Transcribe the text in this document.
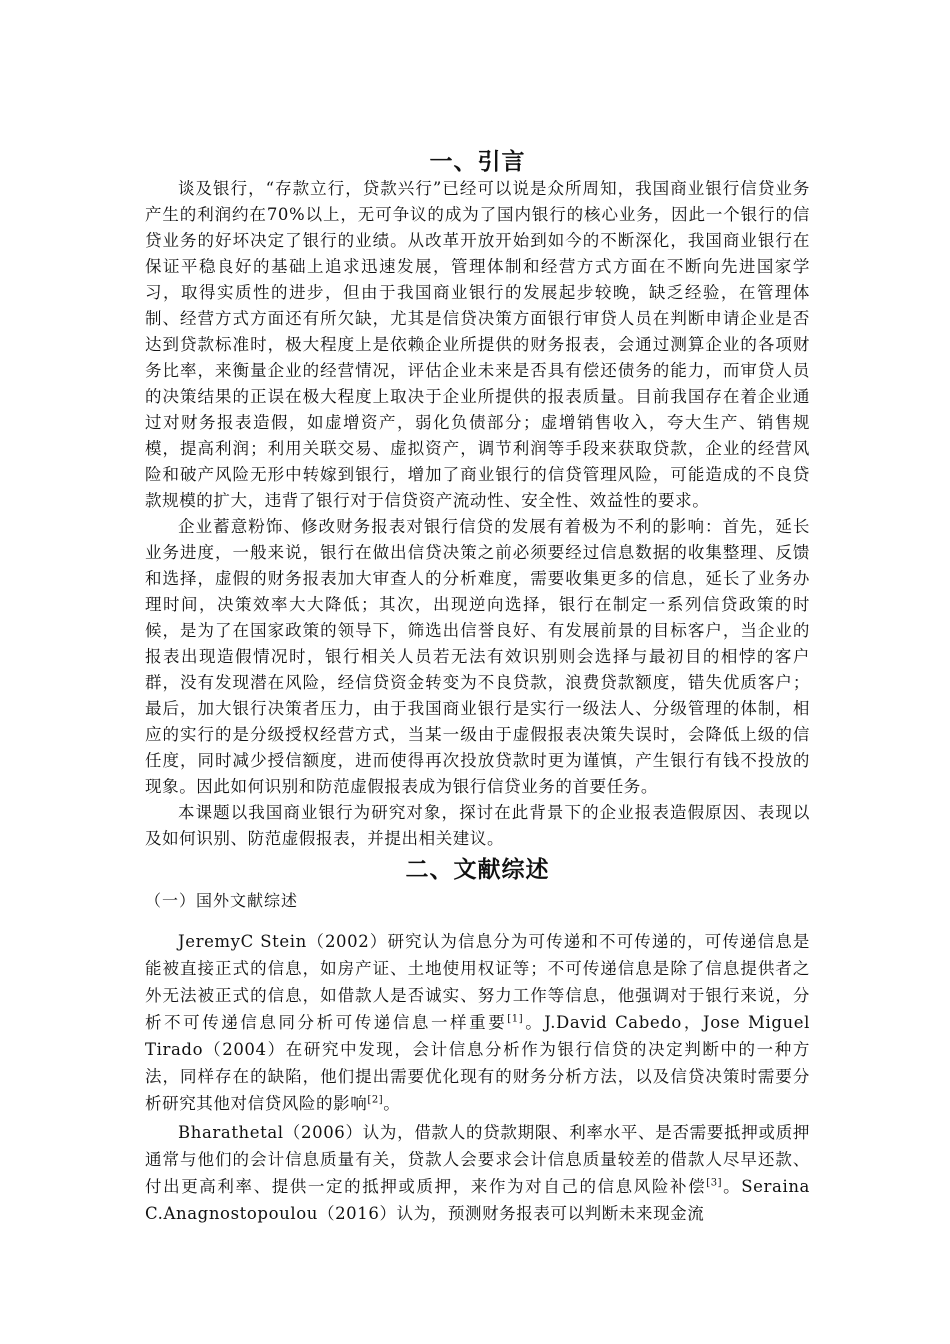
一、引言

谈及银行，“存款立行，贷款兴行”已经可以说是众所周知，我国商业银行信贷业务产生的利润约在70%以上，无可争议的成为了国内银行的核心业务，因此一个银行的信贷业务的好坏决定了银行的业绩。从改革开放开始到如今的不断深化，我国商业银行在保证平稳良好的基础上追求迅速发展，管理体制和经营方式方面在不断向先进国家学习，取得实质性的进步，但由于我国商业银行的发展起步较晚，缺乏经验，在管理体制、经营方式方面还有所欠缺，尤其是信贷决策方面银行审贷人员在判断申请企业是否达到贷款标准时，极大程度上是依赖企业所提供的财务报表，会通过测算企业的各项财务比率，来衡量企业的经营情况，评估企业未来是否具有偿还债务的能力，而审贷人员的决策结果的正误在极大程度上取决于企业所提供的报表质量。目前我国存在着企业通过对财务报表造假，如虚增资产，弱化负债部分；虚增销售收入，夸大生产、销售规模，提高利润；利用关联交易、虚拟资产，调节利润等手段来获取贷款，企业的经营风险和破产风险无形中转嫁到银行，增加了商业银行的信贷管理风险，可能造成的不良贷款规模的扩大，违背了银行对于信贷资产流动性、安全性、效益性的要求。

企业蓄意粉饰、修改财务报表对银行信贷的发展有着极为不利的影响：首先，延长业务进度，一般来说，银行在做出信贷决策之前必须要经过信息数据的收集整理、反馈和选择，虚假的财务报表加大审查人的分析难度，需要收集更多的信息，延长了业务办理时间，决策效率大大降低；其次，出现逆向选择，银行在制定一系列信贷政策的时候，是为了在国家政策的领导下，筛选出信誉良好、有发展前景的目标客户，当企业的报表出现造假情况时，银行相关人员若无法有效识别则会选择与最初目的相悖的客户群，没有发现潜在风险，经信贷资金转变为不良贷款，浪费贷款额度，错失优质客户；最后，加大银行决策者压力，由于我国商业银行是实行一级法人、分级管理的体制，相应的实行的是分级授权经营方式，当某一级由于虚假报表决策失误时，会降低上级的信任度，同时减少授信额度，进而使得再次投放贷款时更为谨慎，产生银行有钱不投放的现象。因此如何识别和防范虚假报表成为银行信贷业务的首要任务。

本课题以我国商业银行为研究对象，探讨在此背景下的企业报表造假原因、表现以及如何识别、防范虚假报表，并提出相关建议。

二、文献综述
（一）国外文献综述

JeremyC Stein（2002）研究认为信息分为可传递和不可传递的，可传递信息是能被直接正式的信息，如房产证、土地使用权证等；不可传递信息是除了信息提供者之外无法被正式的信息，如借款人是否诚实、努力工作等信息，他强调对于银行来说，分析不可传递信息同分析可传递信息一样重要[1]。J.David Cabedo，Jose Miguel Tirado（2004）在研究中发现，会计信息分析作为银行信贷的决定判断中的一种方法，同样存在的缺陷，他们提出需要优化现有的财务分析方法，以及信贷决策时需要分析研究其他对信贷风险的影响[2]。

Bharathetal（2006）认为，借款人的贷款期限、利率水平、是否需要抵押或质押通常与他们的会计信息质量有关，贷款人会要求会计信息质量较差的借款人尽早还款、付出更高利率、提供一定的抵押或质押，来作为对自己的信息风险补偿[3]。Seraina C.Anagnostopoulou（2016）认为，预测财务报表可以判断未来现金流
